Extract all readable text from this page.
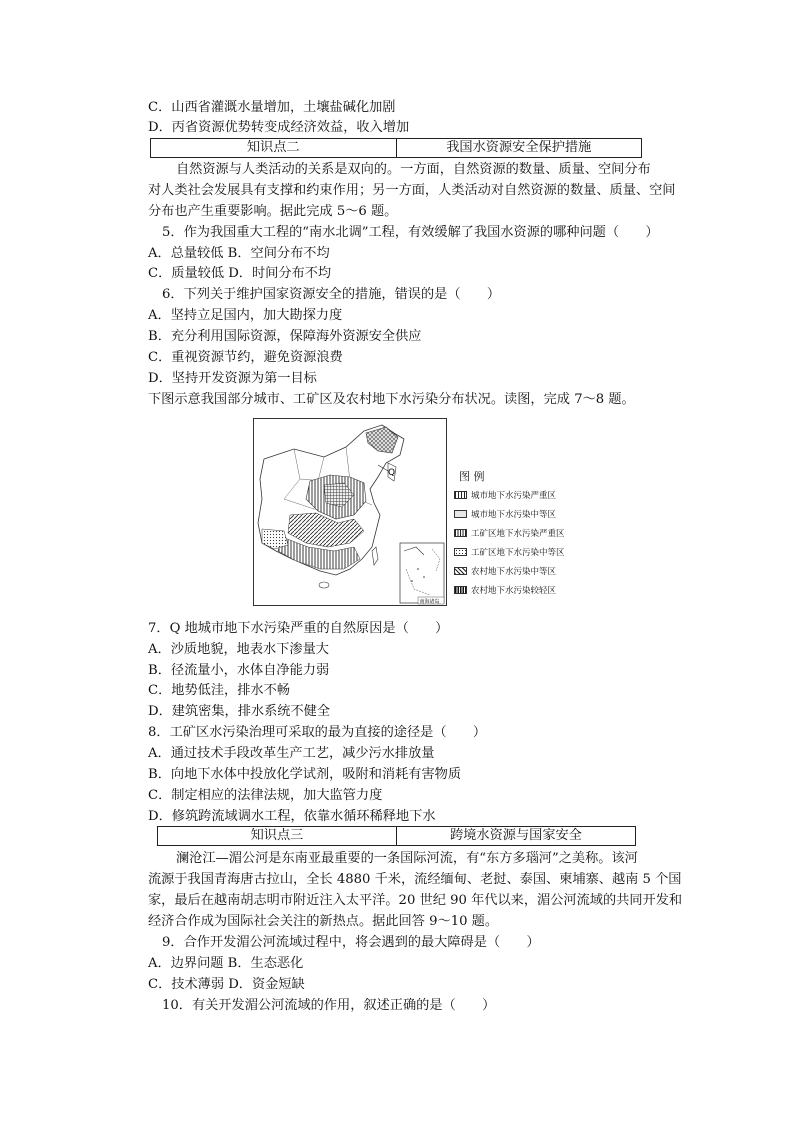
C．山西省灌溉水量增加，土壤盐碱化加剧
D．丙省资源优势转变成经济效益，收入增加
知识点二	我国水资源安全保护措施
自然资源与人类活动的关系是双向的。一方面，自然资源的数量、质量、空间分布
对人类社会发展具有支撑和约束作用；另一方面，人类活动对自然资源的数量、质量、空间
分布也产生重要影响。据此完成 5～6 题。
5．作为我国重大工程的“南水北调”工程，有效缓解了我国水资源的哪种问题（　　）
A．总量较低 B．空间分布不均
C．质量较低 D．时间分布不均
6．下列关于维护国家资源安全的措施，错误的是（　　）
A．坚持立足国内，加大勘探力度
B．充分利用国际资源，保障海外资源安全供应
C．重视资源节约，避免资源浪费
D．坚持开发资源为第一目标
下图示意我国部分城市、工矿区及农村地下水污染分布状况。读图，完成 7～8 题。
Q
南海诸岛
图 例
城市地下水污染严重区
城市地下水污染中等区
工矿区地下水污染严重区
工矿区地下水污染中等区
农村地下水污染中等区
农村地下水污染较轻区
7．Q 地城市地下水污染严重的自然原因是（　　）
A．沙质地貌，地表水下渗量大
B．径流量小，水体自净能力弱
C．地势低洼，排水不畅
D．建筑密集，排水系统不健全
8．工矿区水污染治理可采取的最为直接的途径是（　　）
A．通过技术手段改革生产工艺，减少污水排放量
B．向地下水体中投放化学试剂，吸附和消耗有害物质
C．制定相应的法律法规，加大监管力度
D．修筑跨流域调水工程，依靠水循环稀释地下水
知识点三	跨境水资源与国家安全
澜沧江—湄公河是东南亚最重要的一条国际河流，有“东方多瑙河”之美称。该河
流源于我国青海唐古拉山，全长 4880 千米，流经缅甸、老挝、泰国、柬埔寨、越南 5 个国
家，最后在越南胡志明市附近注入太平洋。20 世纪 90 年代以来，湄公河流域的共同开发和
经济合作成为国际社会关注的新热点。据此回答 9～10 题。
9．合作开发湄公河流域过程中，将会遇到的最大障碍是（　　）
A．边界问题 B．生态恶化
C．技术薄弱 D．资金短缺
10．有关开发湄公河流域的作用，叙述正确的是（　　）
